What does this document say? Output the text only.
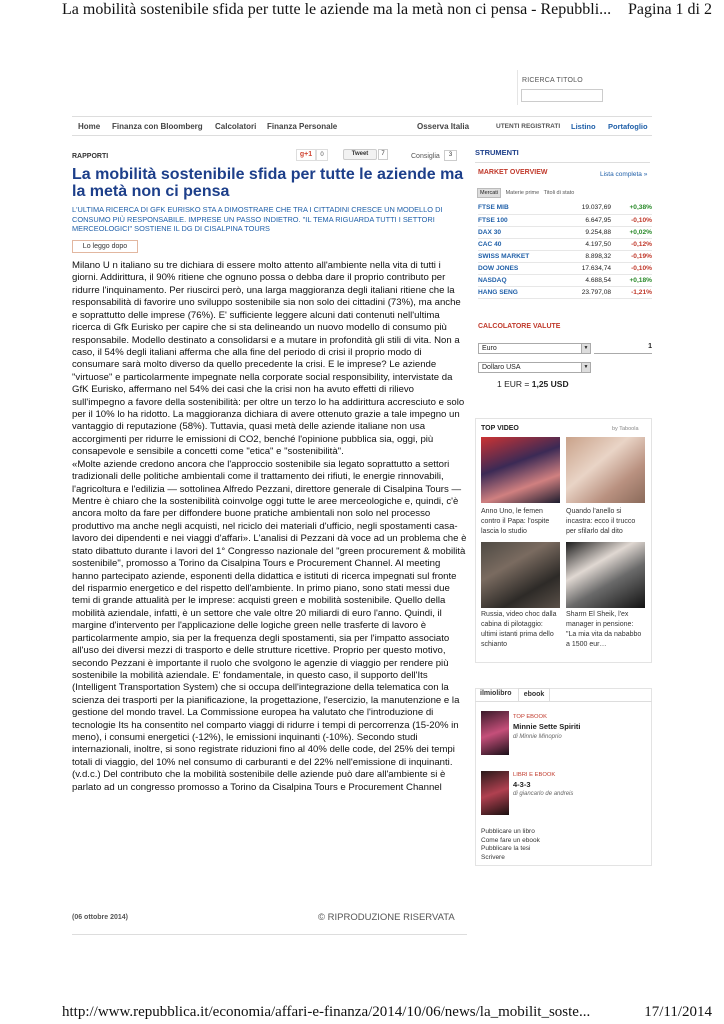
La mobilità sostenibile sfida per tutte le aziende ma la metà non ci pensa - Repubbli... Pagina 1 di 2
RICERCA TITOLO
Home Finanza con Bloomberg Calcolatori Finanza Personale	Osserva Italia	UTENTI REGISTRATI Listino Portafoglio
RAPPORTI	g+1	0	Tweet	7	Consiglia	3
La mobilità sostenibile sfida per tutte le aziende ma la metà non ci pensa
L'ULTIMA RICERCA DI GFK EURISKO STA A DIMOSTRARE CHE TRA I CITTADINI CRESCE UN MODELLO DI CONSUMO PIÙ RESPONSABILE. IMPRESE UN PASSO INDIETRO. "IL TEMA RIGUARDA TUTTI I SETTORI MERCEOLOGICI" SOSTIENE IL DG DI CISALPINA TOURS
Lo leggo dopo

Milano U n italiano su tre dichiara di essere molto attento all'ambiente nella vita di tutti i giorni. Addirittura, il 90% ritiene che ognuno possa o debba dare il proprio contributo per ridurre l'inquinamento. Per riuscirci però, una larga maggioranza degli italiani ritiene che la responsabilità di favorire uno sviluppo sostenibile sia non solo dei cittadini (73%), ma anche e soprattutto delle imprese (76%). E' sufficiente leggere alcuni dati contenuti nell'ultima ricerca di Gfk Eurisko per capire che si sta delineando un nuovo modello di consumo più responsabile. Modello destinato a consolidarsi e a mutare in profondità gli stili di vita. Non a caso, il 54% degli italiani afferma che alla fine del periodo di crisi il proprio modo di consumare sarà molto diverso da quello precedente la crisi. E le imprese? Le aziende "virtuose" e particolarmente impegnate nella corporate social responsibility, intervistate da GfK Eurisko, affermano nel 54% dei casi che la crisi non ha avuto effetti di rilievo sull'impegno a favore della sostenibilità: per oltre un terzo lo ha addirittura accresciuto e solo per il 10% lo ha ridotto. La maggioranza dichiara di avere ottenuto grazie a tale impegno un vantaggio di reputazione (58%). Tuttavia, quasi metà delle aziende italiane non usa accorgimenti per ridurre le emissioni di CO2, benché l'opinione pubblica sia, oggi, più consapevole e sensibile a concetti come "etica" e "sostenibilità".

«Molte aziende credono ancora che l'approccio sostenibile sia legato soprattutto a settori tradizionali delle politiche ambientali come il trattamento dei rifiuti, le energie rinnovabili, l'agricoltura e l'edilizia — sottolinea Alfredo Pezzani, direttore generale di Cisalpina Tours — Mentre è chiaro che la sostenibilità coinvolge oggi tutte le aree merceologiche e, quindi, c'è ancora molto da fare per diffondere buone pratiche ambientali non solo nel processo produttivo ma anche negli acquisti, nel riciclo dei materiali d'ufficio, negli spostamenti casa- lavoro dei dipendenti e nei viaggi d'affari». L'analisi di Pezzani dà voce ad un problema che è stato dibattuto durante i lavori del 1° Congresso nazionale del "green procurement & mobilità sostenibile", promosso a Torino da Cisalpina Tours e Procurement Channel. Al meeting hanno partecipato aziende, esponenti della didattica e istituti di ricerca impegnati sul fronte del risparmio energetico e del rispetto dell'ambiente. In primo piano, sono stati messi due temi di grande attualità per le imprese: acquisti green e mobilità sostenibile. Quello della mobilità aziendale, infatti, è un settore che vale oltre 20 miliardi di euro l'anno. Quindi, il margine d'intervento per l'applicazione delle logiche green nelle trasferte di lavoro è particolarmente ampio, sia per la frequenza degli spostamenti, sia per l'impatto associato all'uso dei diversi mezzi di trasporto e delle strutture ricettive. Proprio per questo motivo, secondo Pezzani è importante il ruolo che svolgono le agenzie di viaggio per rendere più sostenibile la mobilità aziendale. E' fondamentale, in questo caso, il supporto dell'Its (Intelligent Transportation System) che si occupa dell'integrazione della telematica con la scienza dei trasporti per la pianificazione, la progettazione, l'esercizio, la manutenzione e la gestione del mondo travel. La Commissione europea ha valutato che l'introduzione di tecnologie Its ha consentito nel comparto viaggi di ridurre i tempi di percorrenza (15-20% in meno), i consumi energetici (-12%), le emissioni inquinanti (-10%). Secondo studi internazionali, inoltre, si sono registrate riduzioni fino al 40% delle code, del 25% dei tempi totali di viaggio, del 10% nel consumo di carburanti e del 22% nell'emissione di inquinanti. (v.d.c.) Del contributo che la mobilità sostenibile delle aziende può dare all'ambiente si è parlato ad un congresso promosso a Torino da Cisalpina Tours e Procurement Channel

(06 ottobre 2014)	© RIPRODUZIONE RISERVATA
STRUMENTI
MARKET OVERVIEW	Lista completa »
Mercati Materie prime Titoli di stato
FTSE MIB	19.037,69	+0,38%
FTSE 100	6.647,95	-0,10%
DAX 30	9.254,88	+0,02%
CAC 40	4.197,50	-0,12%
SWISS MARKET	8.898,32	-0,19%
DOW JONES	17.634,74	-0,10%
NASDAQ	4.688,54	+0,18%
HANG SENG	23.797,08	-1,21%
CALCOLATORE VALUTE
Euro	▼	1
Dollaro USA	▼
1 EUR = 1,25 USD
TOP VIDEO	by Taboola
Anno Uno, le femen contro il Papa: l'ospite lascia lo studio
Quando l'anello si incastra: ecco il trucco per sfilarlo dal dito
Russia, video choc dalla cabina di pilotaggio: ultimi istanti prima dello schianto
Sharm El Sheik, l'ex manager in pensione: "La mia vita da nababbo a 1500 eur…
ilmiolibro	ebook
TOP EBOOK
Minnie Sette Spiriti
di Minnie Minoprio
LIBRI E EBOOK
4-3-3
di giancarlo de andreis
Pubblicare un libro
Come fare un ebook
Pubblicare la tesi
Scrivere
http://www.repubblica.it/economia/affari-e-finanza/2014/10/06/news/la_mobilit_soste...	17/11/2014
